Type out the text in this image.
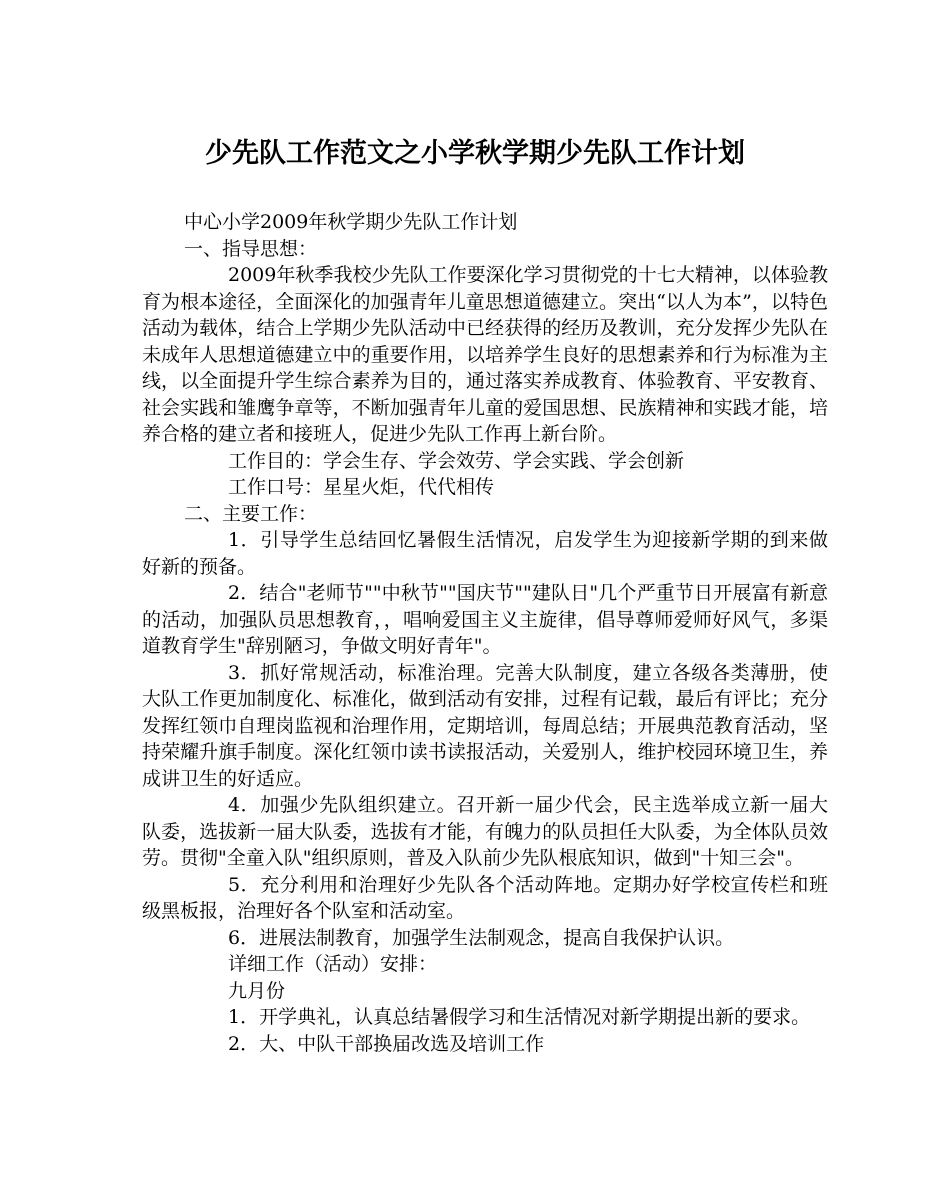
少先队工作范文之小学秋学期少先队工作计划

中心小学2009年秋学期少先队工作计划

一、指导思想：

2009年秋季我校少先队工作要深化学习贯彻党的十七大精神，以体验教育为根本途径，全面深化的加强青年儿童思想道德建立。突出“以人为本”，以特色活动为载体，结合上学期少先队活动中已经获得的经历及教训，充分发挥少先队在未成年人思想道德建立中的重要作用，以培养学生良好的思想素养和行为标准为主线，以全面提升学生综合素养为目的，通过落实养成教育、体验教育、平安教育、社会实践和雏鹰争章等，不断加强青年儿童的爱国思想、民族精神和实践才能，培养合格的建立者和接班人，促进少先队工作再上新台阶。

工作目的：学会生存、学会效劳、学会实践、学会创新

工作口号：星星火炬，代代相传

二、主要工作：

1．引导学生总结回忆暑假生活情况，启发学生为迎接新学期的到来做好新的预备。

2．结合"老师节""中秋节""国庆节""建队日"几个严重节日开展富有新意的活动，加强队员思想教育，，唱响爱国主义主旋律，倡导尊师爱师好风气，多渠道教育学生"辞别陋习，争做文明好青年"。

3．抓好常规活动，标准治理。完善大队制度，建立各级各类薄册，使大队工作更加制度化、标准化，做到活动有安排，过程有记载，最后有评比；充分发挥红领巾自理岗监视和治理作用，定期培训，每周总结；开展典范教育活动，坚持荣耀升旗手制度。深化红领巾读书读报活动，关爱别人，维护校园环境卫生，养成讲卫生的好适应。

4．加强少先队组织建立。召开新一届少代会，民主选举成立新一届大队委，选拔新一届大队委，选拔有才能，有魄力的队员担任大队委，为全体队员效劳。贯彻"全童入队"组织原则，普及入队前少先队根底知识，做到"十知三会"。

5．充分利用和治理好少先队各个活动阵地。定期办好学校宣传栏和班级黑板报，治理好各个队室和活动室。

6．进展法制教育，加强学生法制观念，提高自我保护认识。

详细工作（活动）安排：

九月份

1．开学典礼，认真总结暑假学习和生活情况对新学期提出新的要求。

2．大、中队干部换届改选及培训工作
